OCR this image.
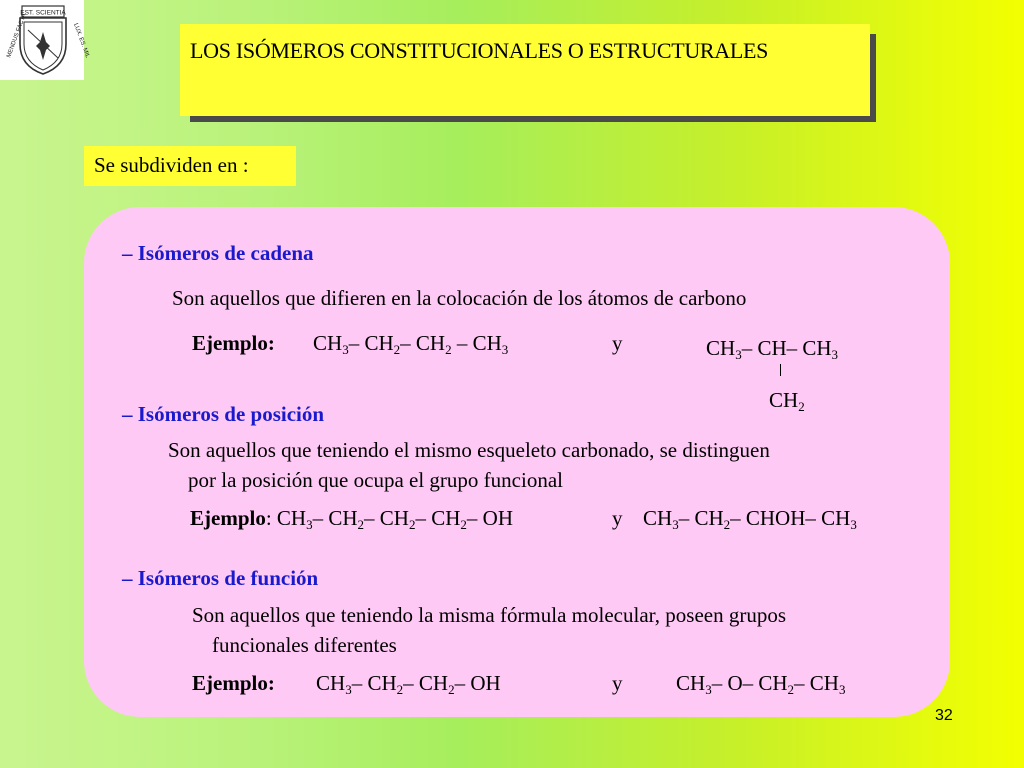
EST. SCIENTIA
MENDUS FACTA	LUX. ES. MIL	LOS ISÓMEROS CONSTITUCIONALES O ESTRUCTURALES
Se subdividen en :
– Isómeros de cadena
Son aquellos que difieren en la colocación de los átomos de carbono
Ejemplo: $CH_3-$ $CH_2-$ $CH_2 - CH_3$	y	$CH_3-$ CH– $CH_3$
$CH_2$
– Isómeros de posición
Son aquellos que teniendo el mismo esqueleto carbonado, se distinguen
por la posición que ocupa el grupo funcional
Ejemplo: $CH_3-$ $CH_2-$ $CH_2-$ $CH_2-$ OH	y $CH_3-$ $CH_2-$ CHOH– $CH_3$
– Isómeros de función
Son aquellos que teniendo la misma fórmula molecular, poseen grupos
funcionales diferentes
Ejemplo: $CH_3-$ $CH_2-$ $CH_2-$ OH	y	$CH_3-$ O– $CH_2-$ $CH_3$
32
